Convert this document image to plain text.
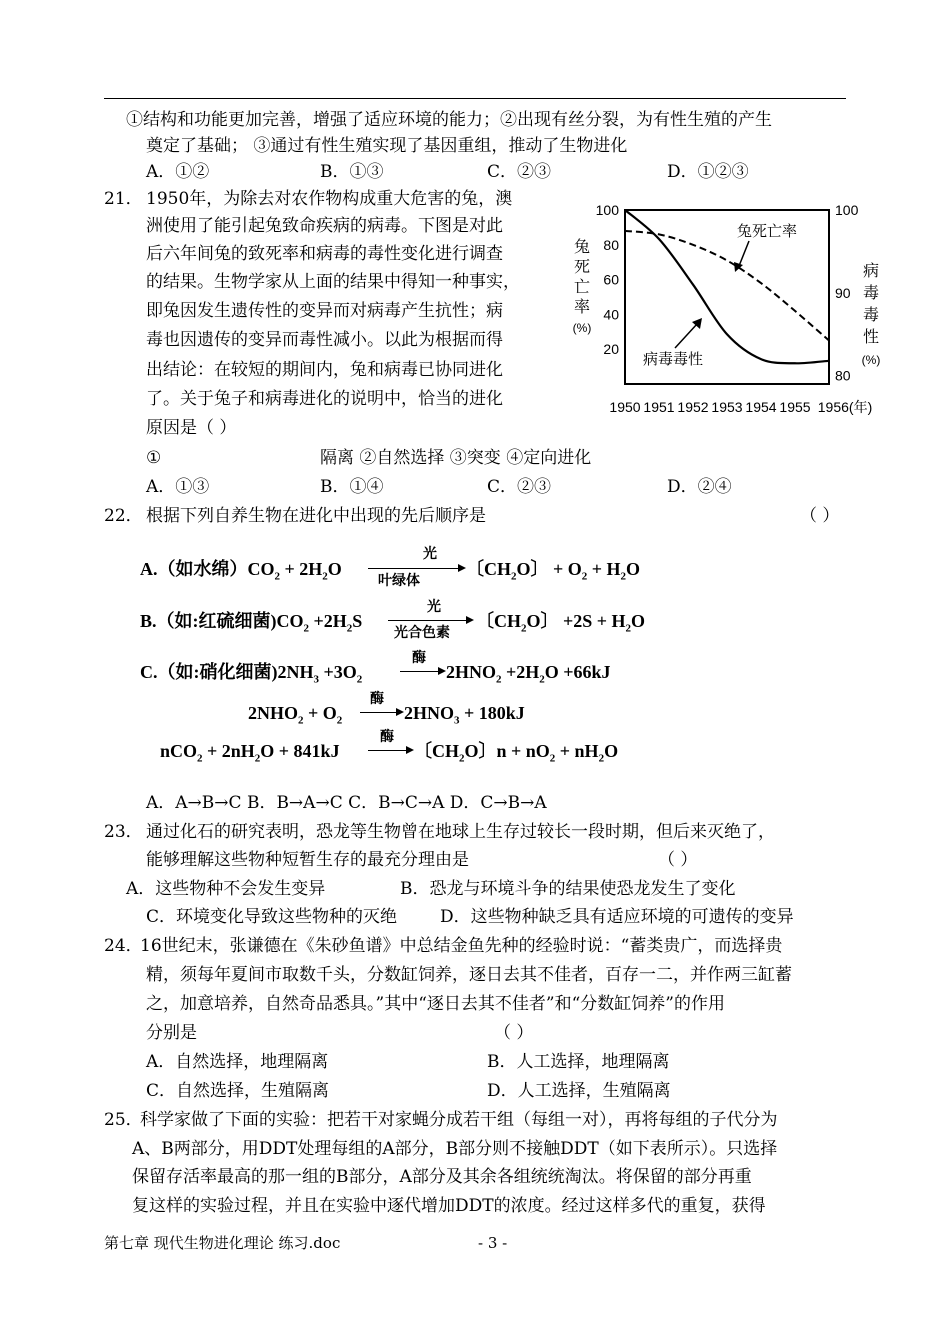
①结构和功能更加完善，增强了适应环境的能力；②出现有丝分裂，为有性生殖的产生
奠定了基础； ③通过有性生殖实现了基因重组，推动了生物进化
A．①②	B．①③	C．②③	D．①②③
21． 1950年，为除去对农作物构成重大危害的兔，澳
洲使用了能引起兔致命疾病的病毒。下图是对此
后六年间兔的致死率和病毒的毒性变化进行调查
的结果。生物学家从上面的结果中得知一种事实，
即兔因发生遗传性的变异而对病毒产生抗性；病
毒也因遗传的变异而毒性减小。以此为根据而得
出结论：在较短的期间内，兔和病毒已协同进化
了。关于兔子和病毒进化的说明中，恰当的进化
原因是（ ）
①	隔离 ②自然选择 ③突变 ④定向进化
A．①③	B．①④	C．②③	D．②④
100
80
60
40
20
100
90
80
1950 1951 1952 1953 1954 1955 1956(年)
兔
死
亡
率
(%)
病
毒
毒
性
(%)
兔死亡率
病毒毒性
22． 根据下列自养生物在进化中出现的先后顺序是	（ ）
A.（如水绵）$CO_2 + 2H_2O$
光
叶绿体
〔$CH_2O$〕 + $O_2 + H_2O$
B.（如:红硫细菌)$CO_2 +2H_2S$
光
光合色素
〔$CH_2O$〕 $+2S + H_2O$
C.（如:硝化细菌)$2NH_3 +3O_2$
酶
$2HNO_2 +2H_2O +66kJ$
$2NHO_2 + O_2$
酶
$2HNO_3 + 180kJ$
$nCO_2 + 2nH_2O + 841kJ$
酶
〔$CH_2O$〕$n + nO_2 + nH_2O$
A．A→B→C B．B→A→C C．B→C→A D．C→B→A
23． 通过化石的研究表明，恐龙等生物曾在地球上生存过较长一段时期，但后来灭绝了，
能够理解这些物种短暂生存的最充分理由是	（ ）
A．这些物种不会发生变异	B．恐龙与环境斗争的结果使恐龙发生了变化
C．环境变化导致这些物种的灭绝	D．这些物种缺乏具有适应环境的可遗传的变异
24．
16世纪末，张谦德在《朱砂鱼谱》中总结金鱼先种的经验时说：“蓄类贵广，而选择贵
精，须每年夏间市取数千头，分数缸饲养，逐日去其不佳者，百存一二，并作两三缸蓄
之，加意培养，自然奇品悉具。”其中“逐日去其不佳者”和“分数缸饲养”的作用
分别是	（ ）
A．自然选择，地理隔离	B．人工选择，地理隔离
C．自然选择，生殖隔离	D．人工选择，生殖隔离
25．
科学家做了下面的实验：把若干对家蝇分成若干组（每组一对），再将每组的子代分为
A、B两部分，用DDT处理每组的A部分，B部分则不接触DDT（如下表所示）。只选择
保留存活率最高的那一组的B部分，A部分及其余各组统统淘汰。将保留的部分再重
复这样的实验过程，并且在实验中逐代增加DDT的浓度。经过这样多代的重复，获得
第七章 现代生物进化理论 练习.doc	- 3 -
